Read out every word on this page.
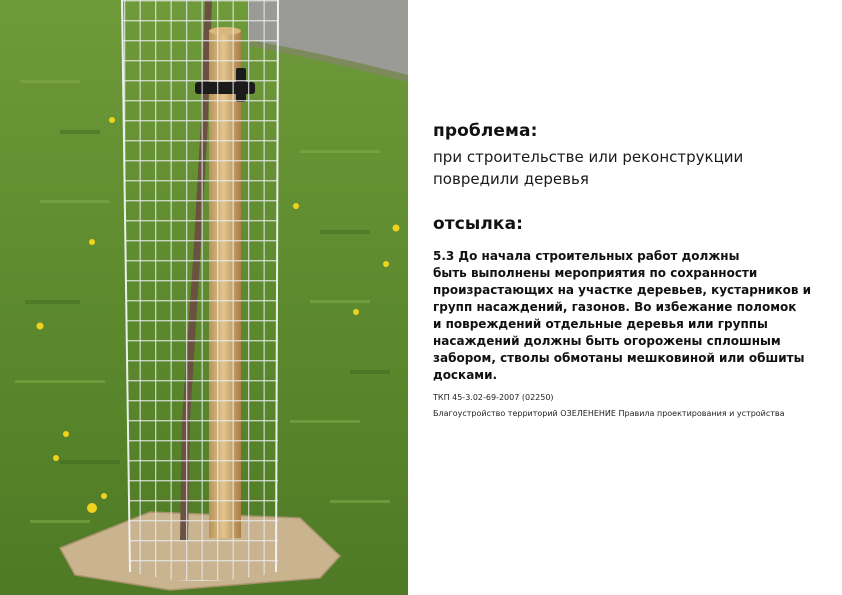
проблема:
при строительстве или реконструкции
повредили деревья
отсылка:
5.3 До начала строительных работ должны
быть выполнены мероприятия по сохранности
произрастающих на участке деревьев, кустарников и
групп насаждений, газонов. Во избежание поломок
и повреждений отдельные деревья или группы
насаждений должны быть огорожены сплошным
забором, стволы обмотаны мешковиной или обшиты
досками.
ТКП 45-3.02-69-2007 (02250)
Благоустройство территорий ОЗЕЛЕНЕНИЕ Правила проектирования и устройства
